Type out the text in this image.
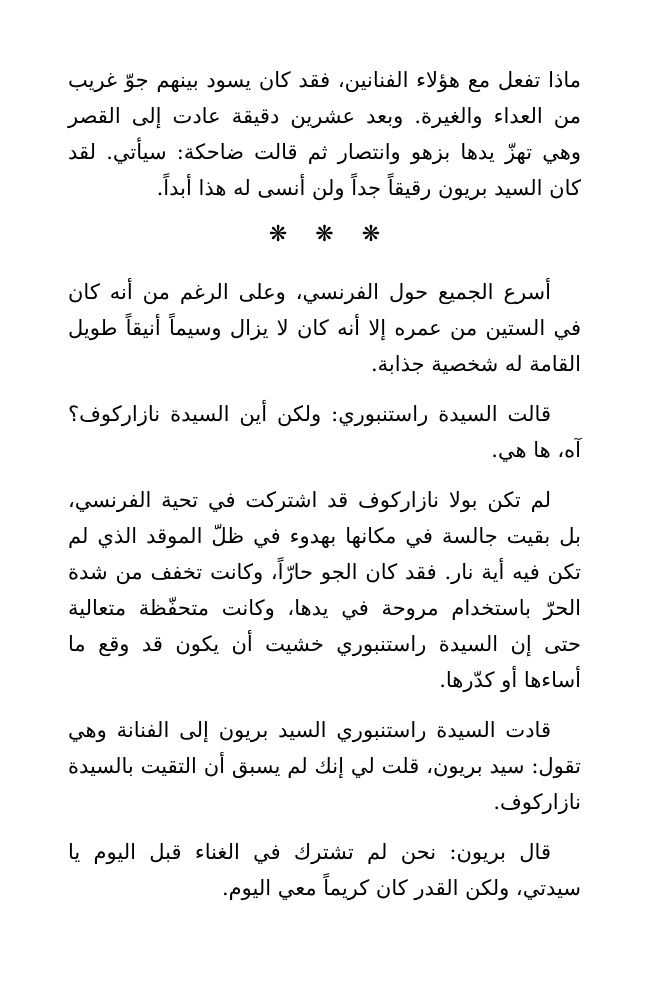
ماذا تفعل مع هؤلاء الفنانين، فقد كان يسود بينهم جوّ غريب من العداء والغيرة. وبعد عشرين دقيقة عادت إلى القصر وهي تهزّ يدها بزهو وانتصار ثم قالت ضاحكة: سيأتي. لقد كان السيد بريون رقيقاً جداً ولن أنسى له هذا أبداً.

❋ ❋ ❋

أسرع الجميع حول الفرنسي، وعلى الرغم من أنه كان في الستين من عمره إلا أنه كان لا يزال وسيماً أنيقاً طويل القامة له شخصية جذابة.

قالت السيدة راستنبوري: ولكن أين السيدة نازاركوف؟ آه، ها هي.

لم تكن بولا نازاركوف قد اشتركت في تحية الفرنسي، بل بقيت جالسة في مكانها بهدوء في ظلّ الموقد الذي لم تكن فيه أية نار. فقد كان الجو حارّاً، وكانت تخفف من شدة الحرّ باستخدام مروحة في يدها، وكانت متحفّظة متعالية حتى إن السيدة راستنبوري خشيت أن يكون قد وقع ما أساءها أو كدّرها.

قادت السيدة راستنبوري السيد بريون إلى الفنانة وهي تقول: سيد بريون، قلت لي إنك لم يسبق أن التقيت بالسيدة نازاركوف.

قال بريون: نحن لم تشترك في الغناء قبل اليوم يا سيدتي، ولكن القدر كان كريماً معي اليوم.
